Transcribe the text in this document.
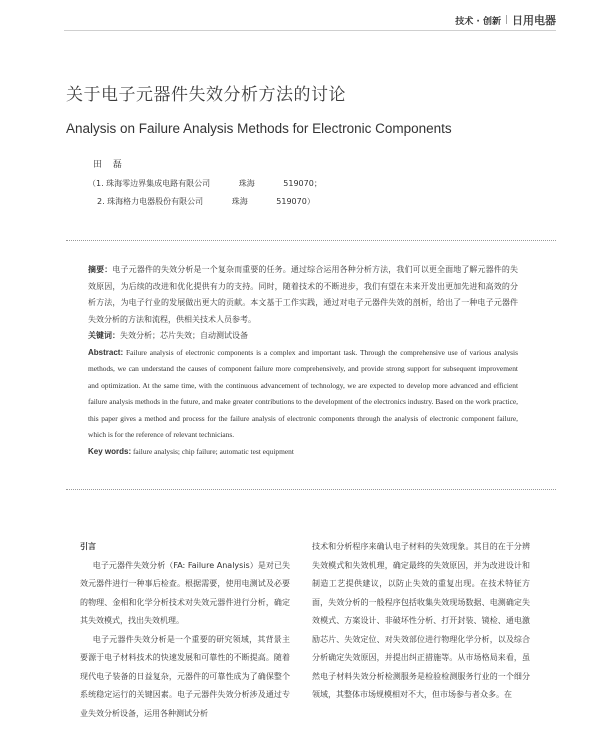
技术 · 创新 | 日用电器
关于电子元器件失效分析方法的讨论
Analysis on Failure Analysis Methods for Electronic Components
田 磊
（1. 珠海零边界集成电路有限公司	珠海	519070；
2. 珠海格力电器股份有限公司	珠海	519070）

摘要：电子元器件的失效分析是一个复杂而重要的任务。通过综合运用各种分析方法，我们可以更全面地了解元器件的失效原因，为后续的改进和优化提供有力的支持。同时，随着技术的不断进步，我们有望在未来开发出更加先进和高效的分析方法，为电子行业的发展做出更大的贡献。本文基于工作实践，通过对电子元器件失效的剖析，给出了一种电子元器件失效分析的方法和流程，供相关技术人员参考。

关键词：失效分析；芯片失效；自动测试设备

Abstract: Failure analysis of electronic components is a complex and important task. Through the comprehensive use of various analysis methods, we can understand the causes of component failure more comprehensively, and provide strong support for subsequent improvement and optimization. At the same time, with the continuous advancement of technology, we are expected to develop more advanced and efficient failure analysis methods in the future, and make greater contributions to the development of the electronics industry. Based on the work practice, this paper gives a method and process for the failure analysis of electronic components through the analysis of electronic component failure, which is for the reference of relevant technicians.

Key words: failure analysis; chip failure; automatic test equipment

引言

电子元器件失效分析（FA: Failure Analysis）是对已失效元器件进行一种事后检查。根据需要，使用电测试及必要的物理、金相和化学分析技术对失效元器件进行分析，确定其失效模式，找出失效机理。

电子元器件失效分析是一个重要的研究领域，其背景主要源于电子材料技术的快速发展和可靠性的不断提高。随着现代电子装备的日益复杂，元器件的可靠性成为了确保整个系统稳定运行的关键因素。电子元器件失效分析涉及通过专业失效分析设备，运用各种测试分析

技术和分析程序来确认电子材料的失效现象。其目的在于分辨失效模式和失效机理，确定最终的失效原因，并为改进设计和制造工艺提供建议，以防止失效的重复出现。在技术特征方面，失效分析的一般程序包括收集失效现场数据、电测确定失效模式、方案设计、非破坏性分析、打开封装、镜检、通电激励芯片、失效定位、对失效部位进行物理化学分析，以及综合分析确定失效原因，并提出纠正措施等。从市场格局来看，虽然电子材料失效分析检测服务是检验检测服务行业的一个细分领域，其整体市场规模相对不大，但市场参与者众多。在
